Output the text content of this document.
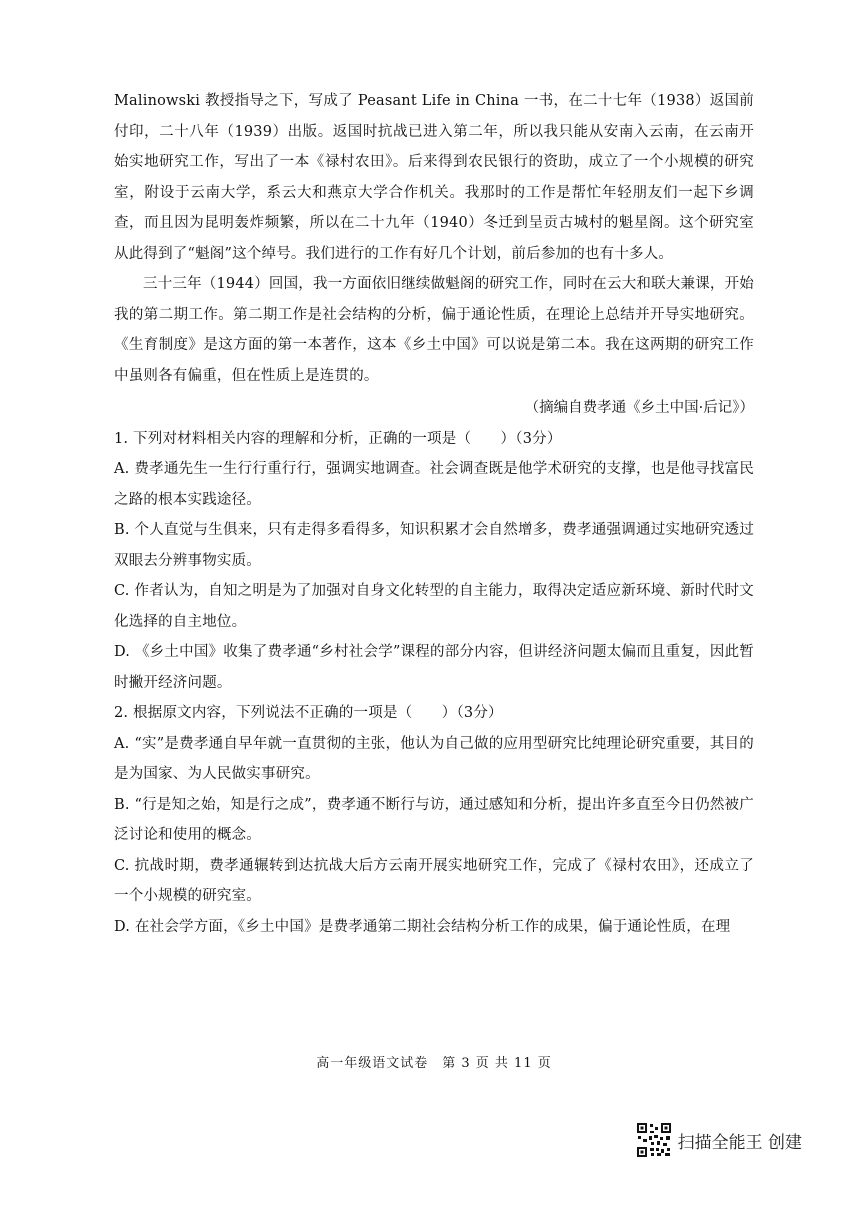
Malinowski 教授指导之下，写成了 Peasant Life in China 一书，在二十七年（1938）返国前付印，二十八年（1939）出版。返国时抗战已进入第二年，所以我只能从安南入云南，在云南开始实地研究工作，写出了一本《禄村农田》。后来得到农民银行的资助，成立了一个小规模的研究室，附设于云南大学，系云大和燕京大学合作机关。我那时的工作是帮忙年轻朋友们一起下乡调查，而且因为昆明轰炸频繁，所以在二十九年（1940）冬迁到呈贡古城村的魁星阁。这个研究室从此得到了“魁阁”这个绰号。我们进行的工作有好几个计划，前后参加的也有十多人。

三十三年（1944）回国，我一方面依旧继续做魁阁的研究工作，同时在云大和联大兼课，开始我的第二期工作。第二期工作是社会结构的分析，偏于通论性质，在理论上总结并开导实地研究。《生育制度》是这方面的第一本著作，这本《乡土中国》可以说是第二本。我在这两期的研究工作中虽则各有偏重，但在性质上是连贯的。

（摘编自费孝通《乡土中国·后记》）

1. 下列对材料相关内容的理解和分析，正确的一项是（　　）（3分）

A. 费孝通先生一生行行重行行，强调实地调查。社会调查既是他学术研究的支撑，也是他寻找富民之路的根本实践途径。

B. 个人直觉与生俱来，只有走得多看得多，知识积累才会自然增多，费孝通强调通过实地研究透过双眼去分辨事物实质。

C. 作者认为，自知之明是为了加强对自身文化转型的自主能力，取得决定适应新环境、新时代时文化选择的自主地位。

D. 《乡土中国》收集了费孝通“乡村社会学”课程的部分内容，但讲经济问题太偏而且重复，因此暂时撇开经济问题。

2. 根据原文内容，下列说法不正确的一项是（　　）（3分）

A. “实”是费孝通自早年就一直贯彻的主张，他认为自己做的应用型研究比纯理论研究重要，其目的是为国家、为人民做实事研究。

B. “行是知之始，知是行之成”，费孝通不断行与访，通过感知和分析，提出许多直至今日仍然被广泛讨论和使用的概念。

C. 抗战时期，费孝通辗转到达抗战大后方云南开展实地研究工作，完成了《禄村农田》，还成立了一个小规模的研究室。

D. 在社会学方面，《乡土中国》是费孝通第二期社会结构分析工作的成果，偏于通论性质，在理

高一年级语文试卷　第 3 页 共 11 页
扫描全能王 创建
